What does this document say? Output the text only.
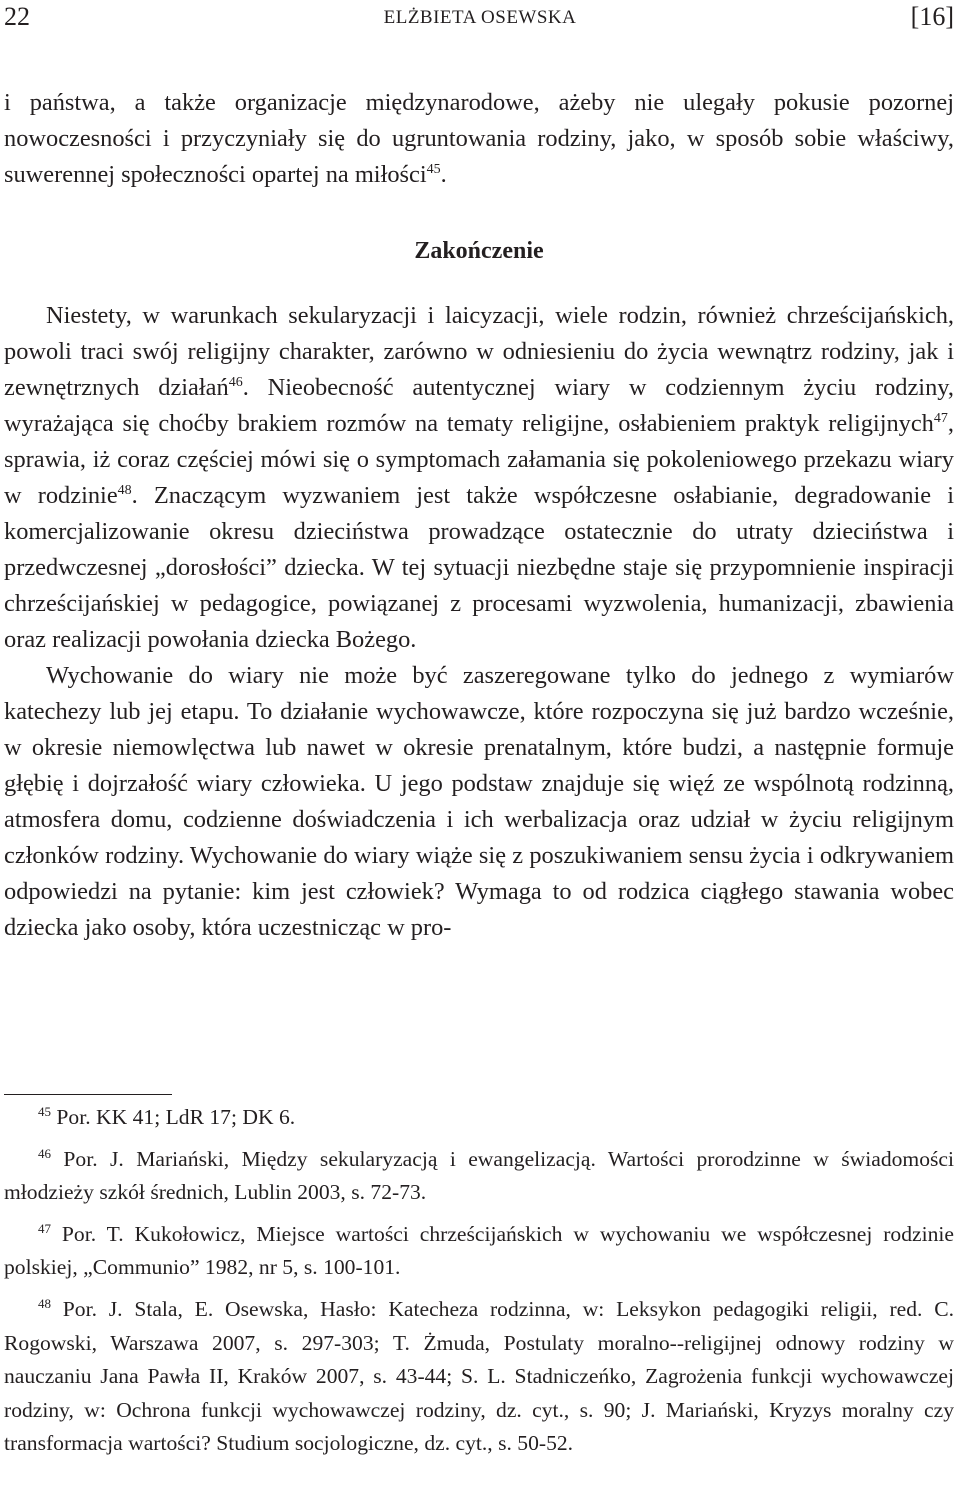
22	ELŻBIETA OSEWSKA	[16]

i państwa, a także organizacje międzynarodowe, ażeby nie ulegały pokusie pozornej nowoczesności i przyczyniały się do ugruntowania rodziny, jako, w sposób sobie właściwy, suwerennej społeczności opartej na miłości$^{45}$.

Zakończenie

Niestety, w warunkach sekularyzacji i laicyzacji, wiele rodzin, również chrześcijańskich, powoli traci swój religijny charakter, zarówno w odniesieniu do życia wewnątrz rodziny, jak i zewnętrznych działań$^{46}$. Nieobecność autentycznej wiary w codziennym życiu rodziny, wyrażająca się choćby brakiem rozmów na tematy religijne, osłabieniem praktyk religijnych$^{47}$, sprawia, iż coraz częściej mówi się o symptomach załamania się pokoleniowego przekazu wiary w rodzinie$^{48}$. Znaczącym wyzwaniem jest także współczesne osłabianie, degradowanie i komercjalizowanie okresu dzieciństwa prowadzące ostatecznie do utraty dzieciństwa i przedwczesnej „dorosłości” dziecka. W tej sytuacji niezbędne staje się przypomnienie inspiracji chrześcijańskiej w pedagogice, powiązanej z procesami wyzwolenia, humanizacji, zbawienia oraz realizacji powołania dziecka Bożego.

Wychowanie do wiary nie może być zaszeregowane tylko do jednego z wymiarów katechezy lub jej etapu. To działanie wychowawcze, które rozpoczyna się już bardzo wcześnie, w okresie niemowlęctwa lub nawet w okresie prenatalnym, które budzi, a następnie formuje głębię i dojrzałość wiary człowieka. U jego podstaw znajduje się więź ze wspólnotą rodzinną, atmosfera domu, codzienne doświadczenia i ich werbalizacja oraz udział w życiu religijnym członków rodziny. Wychowanie do wiary wiąże się z poszukiwaniem sensu życia i odkrywaniem odpowiedzi na pytanie: kim jest człowiek? Wymaga to od rodzica ciągłego stawania wobec dziecka jako osoby, która uczestnicząc w pro-

$^{45}$ Por. KK 41; LdR 17; DK 6.

$^{46}$ Por. J. Mariański, Między sekularyzacją i ewangelizacją. Wartości prorodzinne w świadomości młodzieży szkół średnich, Lublin 2003, s. 72-73.

$^{47}$ Por. T. Kukołowicz, Miejsce wartości chrześcijańskich w wychowaniu we współczesnej rodzinie polskiej, „Communio” 1982, nr 5, s. 100-101.

$^{48}$ Por. J. Stala, E. Osewska, Hasło: Katecheza rodzinna, w: Leksykon pedagogiki religii, red. C. Rogowski, Warszawa 2007, s. 297-303; T. Żmuda, Postulaty moralno--religijnej odnowy rodziny w nauczaniu Jana Pawła II, Kraków 2007, s. 43-44; S. L. Stadniczeńko, Zagrożenia funkcji wychowawczej rodziny, w: Ochrona funkcji wychowawczej rodziny, dz. cyt., s. 90; J. Mariański, Kryzys moralny czy transformacja wartości? Studium socjologiczne, dz. cyt., s. 50-52.
